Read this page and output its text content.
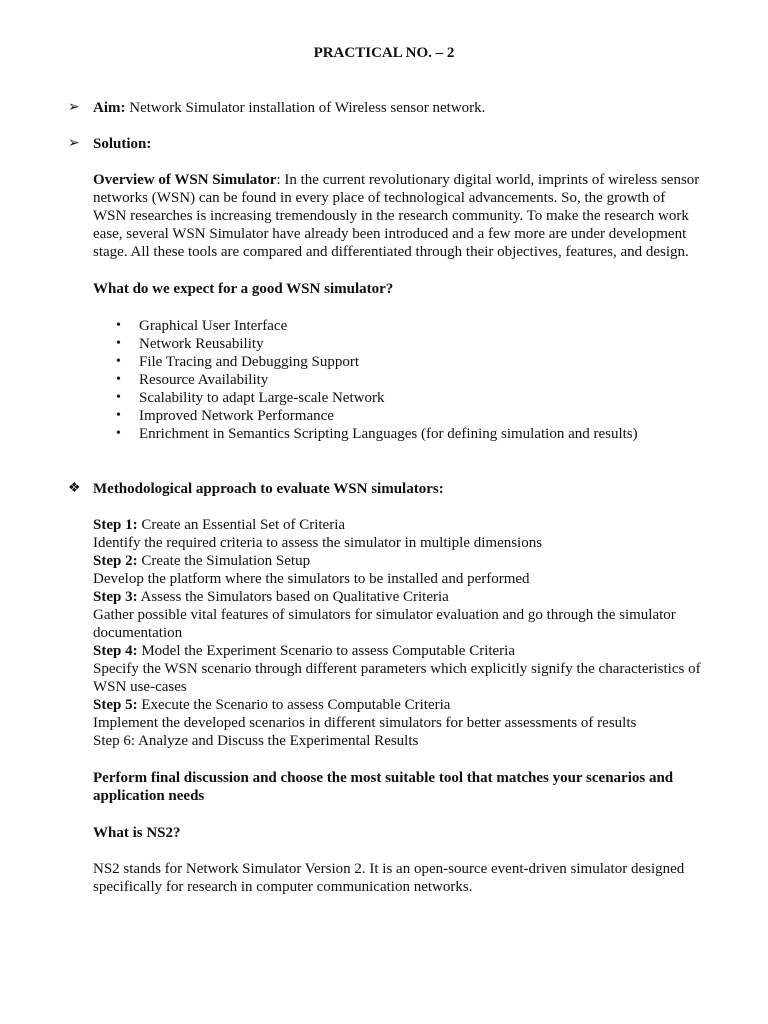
PRACTICAL NO. – 2
➢ Aim: Network Simulator installation of Wireless sensor network.
➢ Solution:

Overview of WSN Simulator: In the current revolutionary digital world, imprints of wireless sensor

networks (WSN) can be found in every place of technological advancements. So, the growth of

WSN researches is increasing tremendously in the research community. To make the research work

ease, several WSN Simulator have already been introduced and a few more are under development

stage. All these tools are compared and differentiated through their objectives, features, and design.

What do we expect for a good WSN simulator?
• Graphical User Interface
• Network Reusability
• File Tracing and Debugging Support
• Resource Availability
• Scalability to adapt Large-scale Network
• Improved Network Performance
• Enrichment in Semantics Scripting Languages (for defining simulation and results)
❖ Methodological approach to evaluate WSN simulators:

Step 1: Create an Essential Set of Criteria

Identify the required criteria to assess the simulator in multiple dimensions

Step 2: Create the Simulation Setup

Develop the platform where the simulators to be installed and performed

Step 3: Assess the Simulators based on Qualitative Criteria

Gather possible vital features of simulators for simulator evaluation and go through the simulator

documentation

Step 4: Model the Experiment Scenario to assess Computable Criteria

Specify the WSN scenario through different parameters which explicitly signify the characteristics of

WSN use-cases

Step 5: Execute the Scenario to assess Computable Criteria

Implement the developed scenarios in different simulators for better assessments of results

Step 6: Analyze and Discuss the Experimental Results

Perform final discussion and choose the most suitable tool that matches your scenarios and

application needs

What is NS2?

NS2 stands for Network Simulator Version 2. It is an open-source event-driven simulator designed

specifically for research in computer communication networks.
